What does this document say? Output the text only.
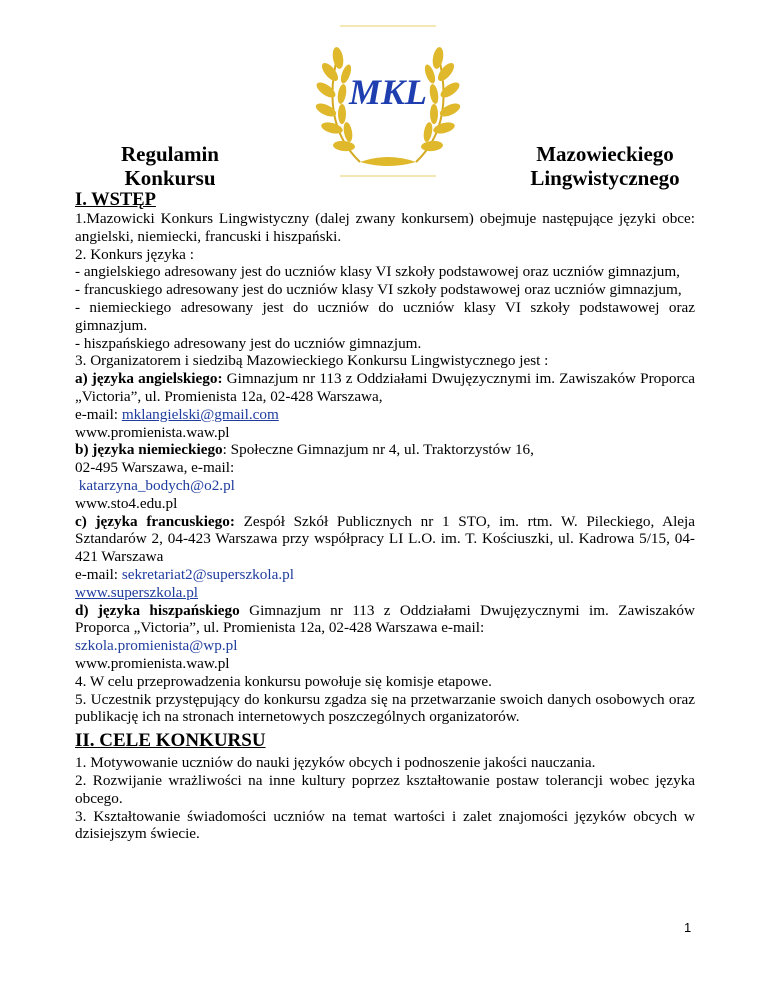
MKL
Regulamin
Konkursu
Mazowieckiego
Lingwistycznego
I. WSTĘP

1.Mazowicki Konkurs Lingwistyczny (dalej zwany konkursem) obejmuje następujące języki obce: angielski, niemiecki, francuski i hiszpański.

2. Konkurs języka :

- angielskiego adresowany jest do uczniów klasy VI szkoły podstawowej oraz uczniów gimnazjum,

- francuskiego adresowany jest do uczniów klasy VI szkoły podstawowej oraz uczniów gimnazjum,

- niemieckiego adresowany jest do uczniów do uczniów klasy VI szkoły podstawowej oraz gimnazjum.

- hiszpańskiego adresowany jest do uczniów gimnazjum.

3. Organizatorem i siedzibą Mazowieckiego Konkursu Lingwistycznego jest :

a) języka angielskiego: Gimnazjum nr 113 z Oddziałami Dwujęzycznymi im. Zawiszaków Proporca „Victoria”, ul. Promienista 12a, 02-428 Warszawa,

e-mail: mklangielski@gmail.com

www.promienista.waw.pl

b) języka niemieckiego: Społeczne Gimnazjum nr 4, ul. Traktorzystów 16,

02-495 Warszawa, e-mail:

katarzyna_bodych@o2.pl

www.sto4.edu.pl

c) języka francuskiego: Zespół Szkół Publicznych nr 1 STO, im. rtm. W. Pileckiego, Aleja Sztandarów 2, 04-423 Warszawa przy współpracy LI L.O. im. T. Kościuszki, ul. Kadrowa 5/15, 04-421 Warszawa

e-mail: sekretariat2@superszkola.pl

www.superszkola.pl

d) języka hiszpańskiego Gimnazjum nr 113 z Oddziałami Dwujęzycznymi im. Zawiszaków Proporca „Victoria”, ul. Promienista 12a, 02-428 Warszawa e-mail:

szkola.promienista@wp.pl

www.promienista.waw.pl

4. W celu przeprowadzenia konkursu powołuje się komisje etapowe.

5. Uczestnik przystępujący do konkursu zgadza się na przetwarzanie swoich danych osobowych oraz publikację ich na stronach internetowych poszczególnych organizatorów.

II. CELE KONKURSU

1. Motywowanie uczniów do nauki języków obcych i podnoszenie jakości nauczania.

2. Rozwijanie wrażliwości na inne kultury poprzez kształtowanie postaw tolerancji wobec języka obcego.

3. Kształtowanie świadomości uczniów na temat wartości i zalet znajomości języków obcych w dzisiejszym świecie.

1
